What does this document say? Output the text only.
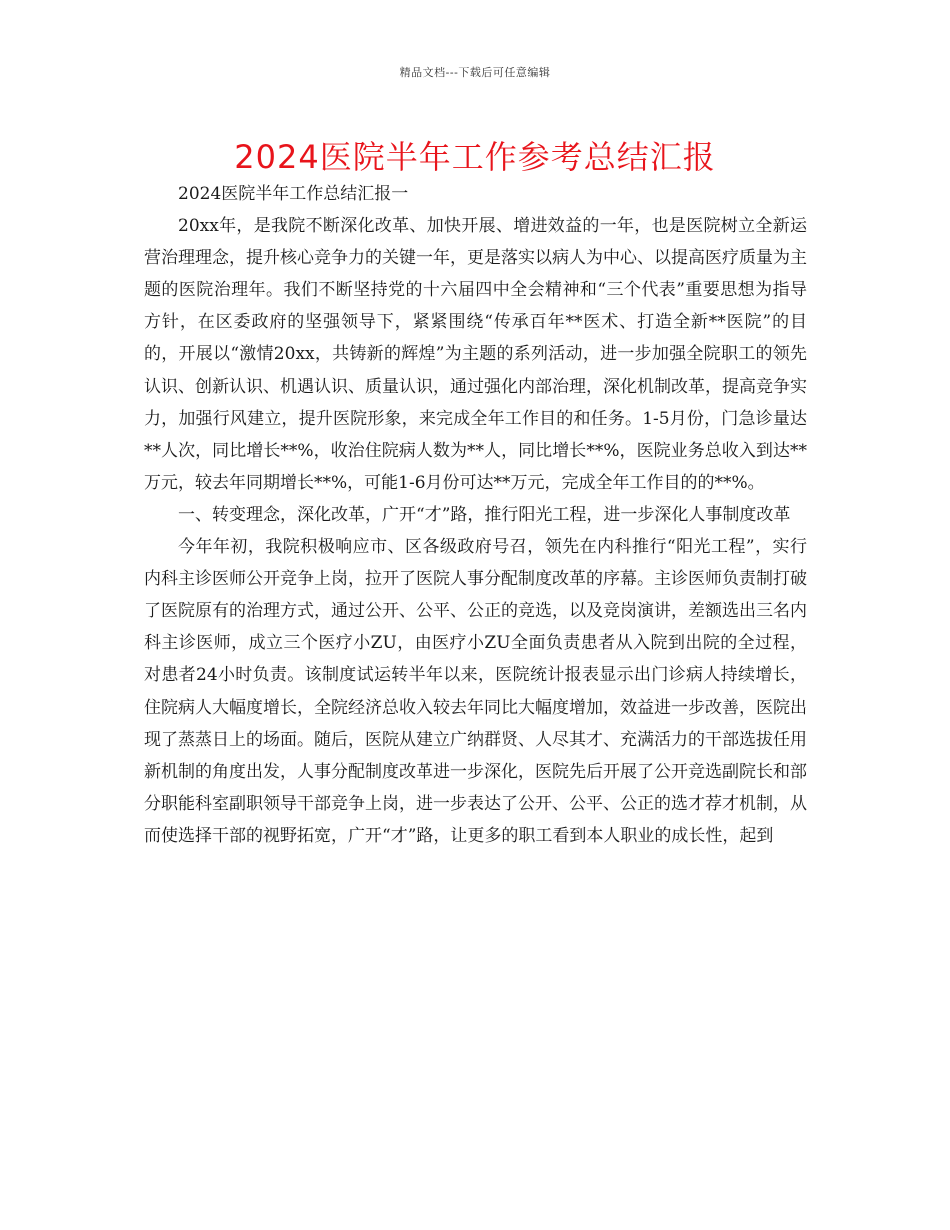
精品文档---下载后可任意编辑
2024医院半年工作参考总结汇报

2024医院半年工作总结汇报一

20xx年，是我院不断深化改革、加快开展、增进效益的一年，也是医院树立全新运营治理理念，提升核心竞争力的关键一年，更是落实以病人为中心、以提高医疗质量为主题的医院治理年。我们不断坚持党的十六届四中全会精神和“三个代表”重要思想为指导方针，在区委政府的坚强领导下，紧紧围绕“传承百年**医术、打造全新**医院”的目的，开展以“激情20xx，共铸新的辉煌”为主题的系列活动，进一步加强全院职工的领先认识、创新认识、机遇认识、质量认识，通过强化内部治理，深化机制改革，提高竞争实力，加强行风建立，提升医院形象，来完成全年工作目的和任务。1-5月份，门急诊量达**人次，同比增长**%，收治住院病人数为**人，同比增长**%，医院业务总收入到达**万元，较去年同期增长**%，可能1-6月份可达**万元，完成全年工作目的的**%。

一、转变理念，深化改革，广开“才”路，推行阳光工程，进一步深化人事制度改革

今年年初，我院积极响应市、区各级政府号召，领先在内科推行“阳光工程”，实行内科主诊医师公开竞争上岗，拉开了医院人事分配制度改革的序幕。主诊医师负责制打破了医院原有的治理方式，通过公开、公平、公正的竞选，以及竞岗演讲，差额选出三名内科主诊医师，成立三个医疗小ZU，由医疗小ZU全面负责患者从入院到出院的全过程，对患者24小时负责。该制度试运转半年以来，医院统计报表显示出门诊病人持续增长，住院病人大幅度增长，全院经济总收入较去年同比大幅度增加，效益进一步改善，医院出现了蒸蒸日上的场面。随后，医院从建立广纳群贤、人尽其才、充满活力的干部选拔任用新机制的角度出发，人事分配制度改革进一步深化，医院先后开展了公开竞选副院长和部分职能科室副职领导干部竞争上岗，进一步表达了公开、公平、公正的选才荐才机制，从而使选择干部的视野拓宽，广开“才”路，让更多的职工看到本人职业的成长性，起到
